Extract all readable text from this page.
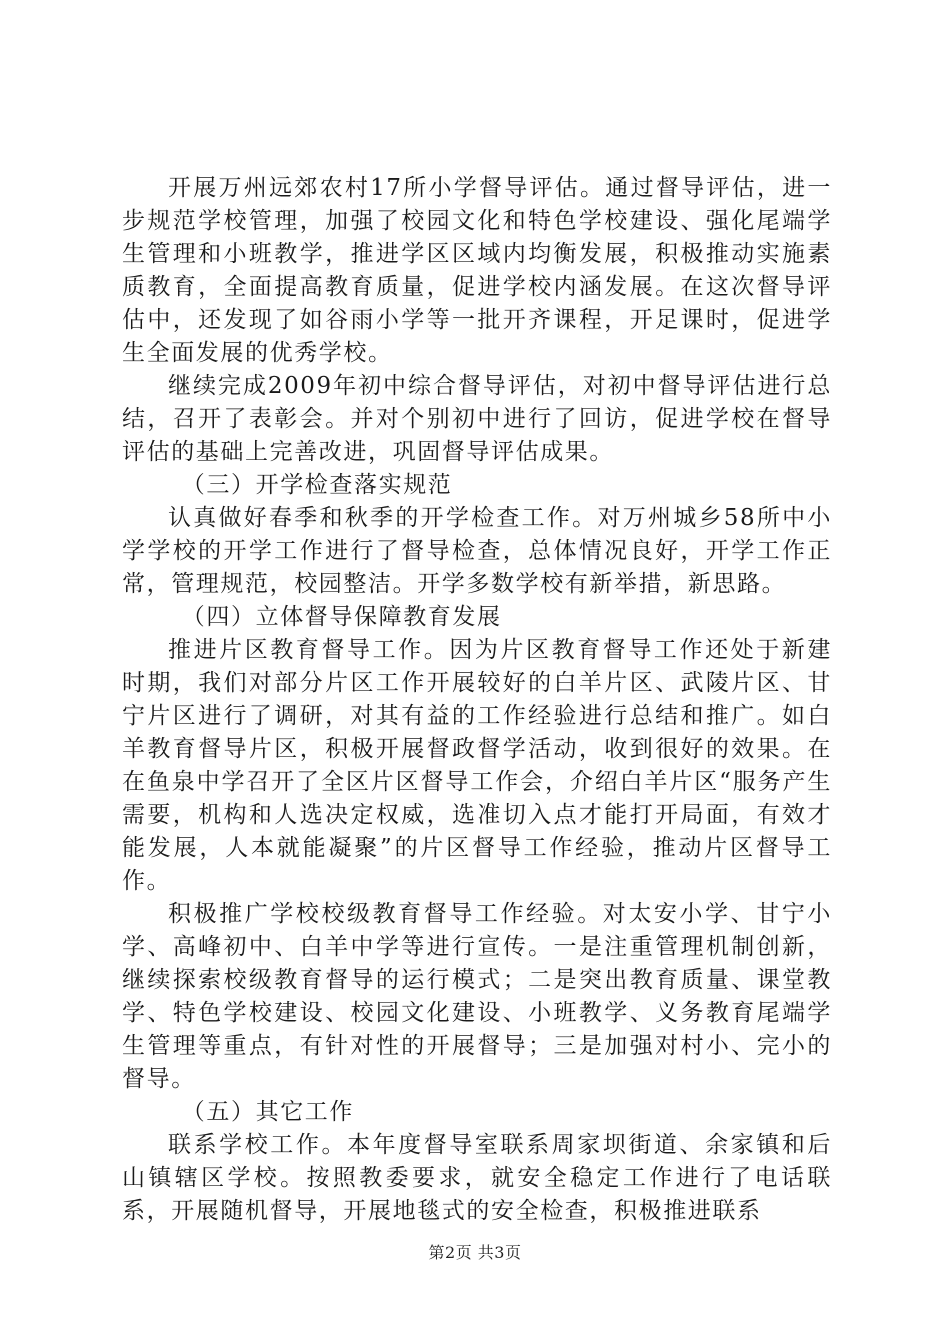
开展万州远郊农村17所小学督导评估。通过督导评估，进一步规范学校管理，加强了校园文化和特色学校建设、强化尾端学生管理和小班教学，推进学区区域内均衡发展，积极推动实施素质教育，全面提高教育质量，促进学校内涵发展。在这次督导评估中，还发现了如谷雨小学等一批开齐课程，开足课时，促进学生全面发展的优秀学校。

继续完成2009年初中综合督导评估，对初中督导评估进行总结，召开了表彰会。并对个别初中进行了回访，促进学校在督导评估的基础上完善改进，巩固督导评估成果。

（三）开学检查落实规范

认真做好春季和秋季的开学检查工作。对万州城乡58所中小学学校的开学工作进行了督导检查，总体情况良好，开学工作正常，管理规范，校园整洁。开学多数学校有新举措，新思路。

（四）立体督导保障教育发展

推进片区教育督导工作。因为片区教育督导工作还处于新建时期，我们对部分片区工作开展较好的白羊片区、武陵片区、甘宁片区进行了调研，对其有益的工作经验进行总结和推广。如白羊教育督导片区，积极开展督政督学活动，收到很好的效果。在在鱼泉中学召开了全区片区督导工作会，介绍白羊片区“服务产生需要，机构和人选决定权威，选准切入点才能打开局面，有效才能发展，人本就能凝聚”的片区督导工作经验，推动片区督导工作。

积极推广学校校级教育督导工作经验。对太安小学、甘宁小学、高峰初中、白羊中学等进行宣传。一是注重管理机制创新，继续探索校级教育督导的运行模式；二是突出教育质量、课堂教学、特色学校建设、校园文化建设、小班教学、义务教育尾端学生管理等重点，有针对性的开展督导；三是加强对村小、完小的督导。

（五）其它工作

联系学校工作。本年度督导室联系周家坝街道、余家镇和后山镇辖区学校。按照教委要求，就安全稳定工作进行了电话联系，开展随机督导，开展地毯式的安全检查，积极推进联系

第2页 共3页
